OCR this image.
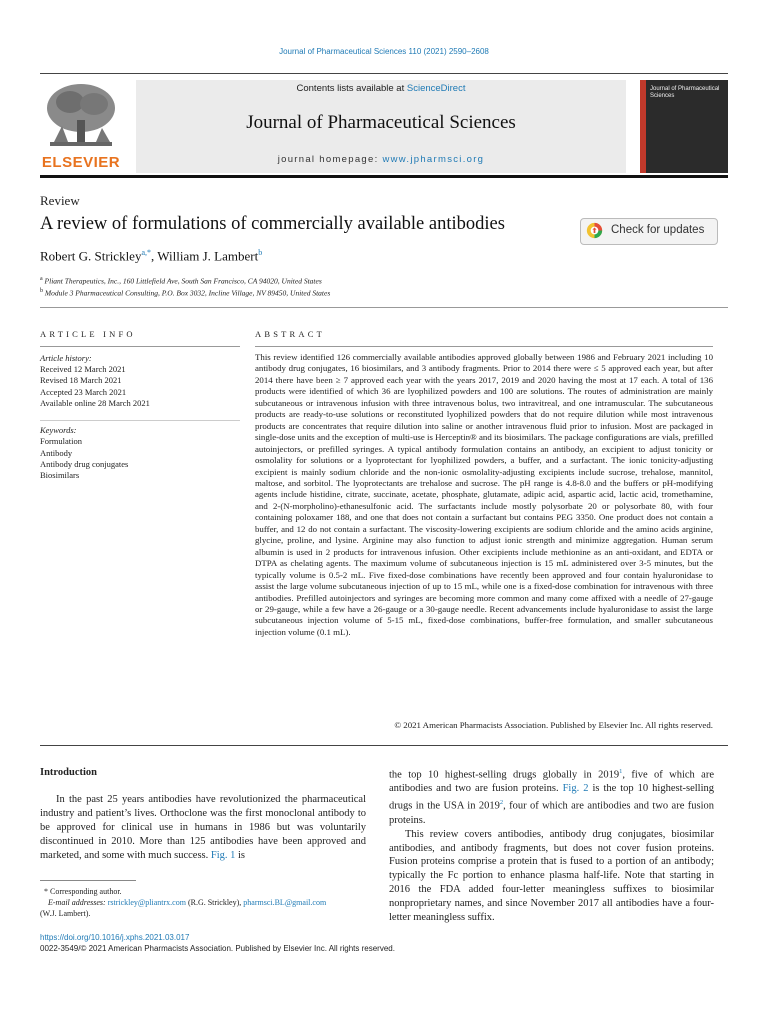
Journal of Pharmaceutical Sciences 110 (2021) 2590–2608
ELSEVIER
Contents lists available at ScienceDirect
Journal of Pharmaceutical Sciences
journal homepage: www.jpharmsci.org
Journal of Pharmaceutical Sciences
Review
A review of formulations of commercially available antibodies	Check for updates
Robert G. Strickley$^{a,*}$, William J. Lambert$^b$
$^a$ Pliant Therapeutics, Inc., 160 Littlefield Ave, South San Francisco, CA 94020, United States
$^b$ Module 3 Pharmaceutical Consulting, P.O. Box 3032, Incline Village, NV 89450, United States
ARTICLE INFO	ABSTRACT
Article history:
Received 12 March 2021
Revised 18 March 2021
Accepted 23 March 2021
Available online 28 March 2021
Keywords:
Formulation
Antibody
Antibody drug conjugates
Biosimilars
This review identified 126 commercially available antibodies approved globally between 1986 and February 2021 including 10 antibody drug conjugates, 16 biosimilars, and 3 antibody fragments. Prior to 2014 there were ≤ 5 approved each year, but after 2014 there have been ≥ 7 approved each year with the years 2017, 2019 and 2020 having the most at 17 each. A total of 136 products were identified of which 36 are lyophilized powders and 100 are solutions. The routes of administration are mainly subcutaneous or intravenous infusion with three intravenous bolus, two intravitreal, and one intramuscular. The subcutaneous products are ready-to-use solutions or reconstituted lyophilized powders that do not require dilution while most intravenous products are concentrates that require dilution into saline or another intravenous fluid prior to infusion. Most are packaged in single-dose units and the exception of multi-use is Herceptin® and its biosimilars. The package configurations are vials, prefilled autoinjectors, or prefilled syringes. A typical antibody formulation contains an antibody, an excipient to adjust tonicity or osmolality for solutions or a lyoprotectant for lyophilized powders, a buffer, and a surfactant. The ionic tonicity-adjusting excipient is mainly sodium chloride and the non-ionic osmolality-adjusting excipients include sucrose, trehalose, mannitol, maltose, and sorbitol. The lyoprotectants are trehalose and sucrose. The pH range is 4.8-8.0 and the buffers or pH-modifying agents include histidine, citrate, succinate, acetate, phosphate, glutamate, adipic acid, aspartic acid, lactic acid, tromethamine, and 2-(N-morpholino)-ethanesulfonic acid. The surfactants include mostly polysorbate 20 or polysorbate 80, with four containing poloxamer 188, and one that does not contain a surfactant but contains PEG 3350. One product does not contain a buffer, and 12 do not contain a surfactant. The viscosity-lowering excipients are sodium chloride and the amino acids arginine, glycine, proline, and lysine. Arginine may also function to adjust ionic strength and minimize aggregation. Human serum albumin is used in 2 products for intravenous infusion. Other excipients include methionine as an anti-oxidant, and EDTA or DTPA as chelating agents. The maximum volume of subcutaneous injection is 15 mL administered over 3-5 minutes, but the typically volume is 0.5-2 mL. Five fixed-dose combinations have recently been approved and four contain hyaluronidase to assist the large volume subcutaneous injection of up to 15 mL, while one is a fixed-dose combination for intravenous with three antibodies. Prefilled autoinjectors and syringes are becoming more common and many come affixed with a needle of 27-gauge or 29-gauge, while a few have a 26-gauge or a 30-gauge needle. Recent advancements include hyaluronidase to assist the large subcutaneous injection volume of 5-15 mL, fixed-dose combinations, buffer-free formulation, and smaller subcutaneous injection volume (0.1 mL).
© 2021 American Pharmacists Association. Published by Elsevier Inc. All rights reserved.
Introduction

In the past 25 years antibodies have revolutionized the pharmaceutical industry and patient’s lives. Orthoclone was the first monoclonal antibody to be approved for clinical use in humans in 1986 but was voluntarily discontinued in 2010. More than 125 antibodies have been approved and marketed, and some with much success. Fig. 1 is

the top 10 highest-selling drugs globally in 2019$^1$, five of which are antibodies and two are fusion proteins. Fig. 2 is the top 10 highest-selling drugs in the USA in 2019$^2$, four of which are antibodies and two are fusion proteins.

This review covers antibodies, antibody drug conjugates, biosimilar antibodies, and antibody fragments, but does not cover fusion proteins. Fusion proteins comprise a protein that is fused to a portion of an antibody; typically the Fc portion to enhance plasma half-life. Note that starting in 2016 the FDA added four-letter meaningless suffixes to biosimilar nonproprietary names, and since November 2017 all antibodies have a four-letter meaningless suffix.

* Corresponding author.
E-mail addresses: rstrickley@pliantrx.com (R.G. Strickley), pharmsci.BL@gmail.com
(W.J. Lambert).
https://doi.org/10.1016/j.xphs.2021.03.017
0022-3549/© 2021 American Pharmacists Association. Published by Elsevier Inc. All rights reserved.
